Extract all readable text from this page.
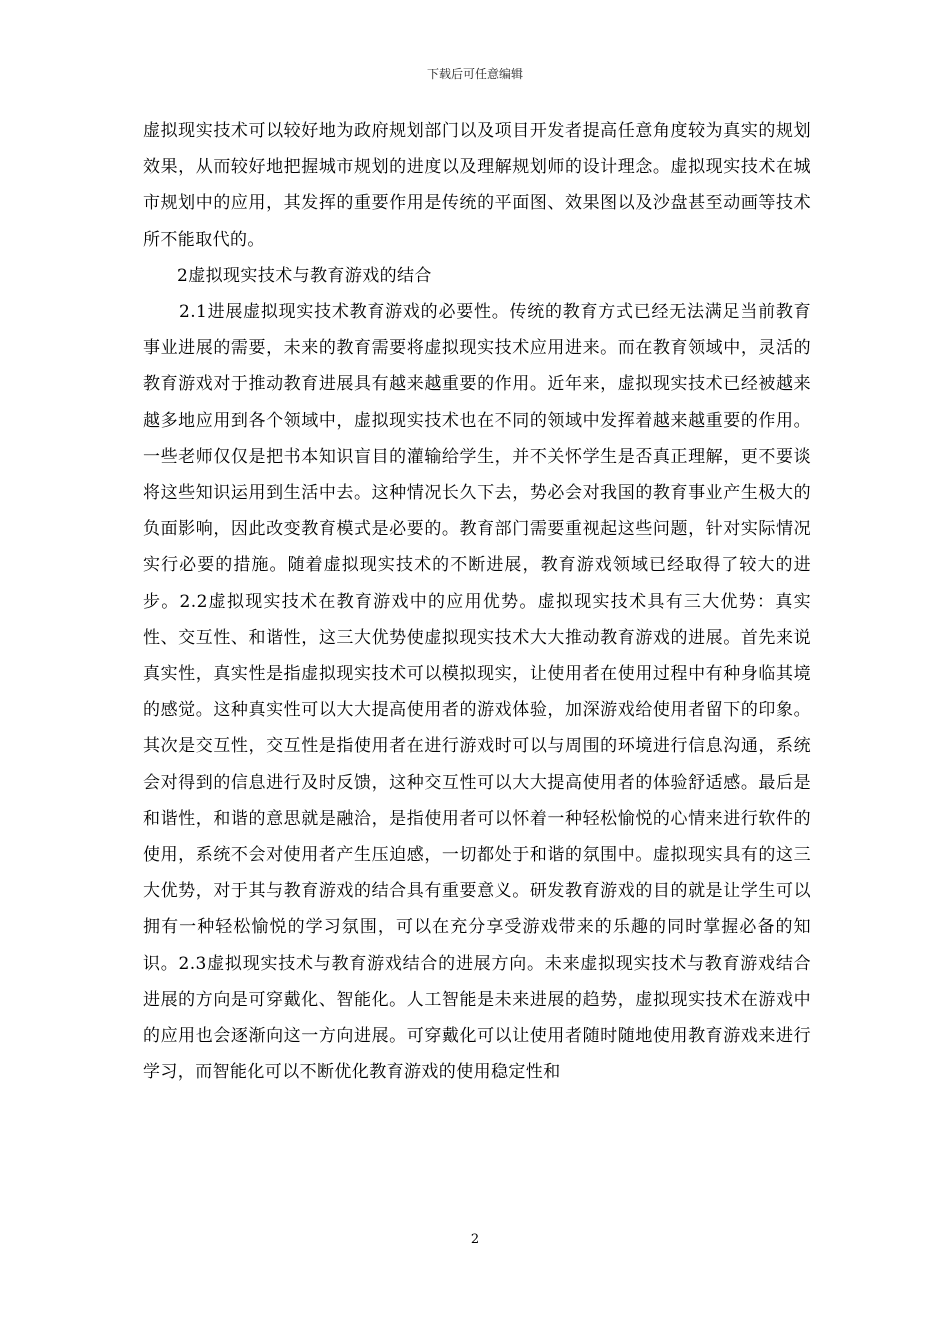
下载后可任意编辑

虚拟现实技术可以较好地为政府规划部门以及项目开发者提高任意角度较为真实的规划效果，从而较好地把握城市规划的进度以及理解规划师的设计理念。虚拟现实技术在城市规划中的应用，其发挥的重要作用是传统的平面图、效果图以及沙盘甚至动画等技术所不能取代的。

2虚拟现实技术与教育游戏的结合

2.1进展虚拟现实技术教育游戏的必要性。传统的教育方式已经无法满足当前教育事业进展的需要，未来的教育需要将虚拟现实技术应用进来。而在教育领域中，灵活的教育游戏对于推动教育进展具有越来越重要的作用。近年来，虚拟现实技术已经被越来越多地应用到各个领域中，虚拟现实技术也在不同的领域中发挥着越来越重要的作用。一些老师仅仅是把书本知识盲目的灌输给学生，并不关怀学生是否真正理解，更不要谈将这些知识运用到生活中去。这种情况长久下去，势必会对我国的教育事业产生极大的负面影响，因此改变教育模式是必要的。教育部门需要重视起这些问题，针对实际情况实行必要的措施。随着虚拟现实技术的不断进展，教育游戏领域已经取得了较大的进步。2.2虚拟现实技术在教育游戏中的应用优势。虚拟现实技术具有三大优势：真实性、交互性、和谐性，这三大优势使虚拟现实技术大大推动教育游戏的进展。首先来说真实性，真实性是指虚拟现实技术可以模拟现实，让使用者在使用过程中有种身临其境的感觉。这种真实性可以大大提高使用者的游戏体验，加深游戏给使用者留下的印象。其次是交互性，交互性是指使用者在进行游戏时可以与周围的环境进行信息沟通，系统会对得到的信息进行及时反馈，这种交互性可以大大提高使用者的体验舒适感。最后是和谐性，和谐的意思就是融洽，是指使用者可以怀着一种轻松愉悦的心情来进行软件的使用，系统不会对使用者产生压迫感，一切都处于和谐的氛围中。虚拟现实具有的这三大优势，对于其与教育游戏的结合具有重要意义。研发教育游戏的目的就是让学生可以拥有一种轻松愉悦的学习氛围，可以在充分享受游戏带来的乐趣的同时掌握必备的知识。2.3虚拟现实技术与教育游戏结合的进展方向。未来虚拟现实技术与教育游戏结合进展的方向是可穿戴化、智能化。人工智能是未来进展的趋势，虚拟现实技术在游戏中的应用也会逐渐向这一方向进展。可穿戴化可以让使用者随时随地使用教育游戏来进行学习，而智能化可以不断优化教育游戏的使用稳定性和

2
